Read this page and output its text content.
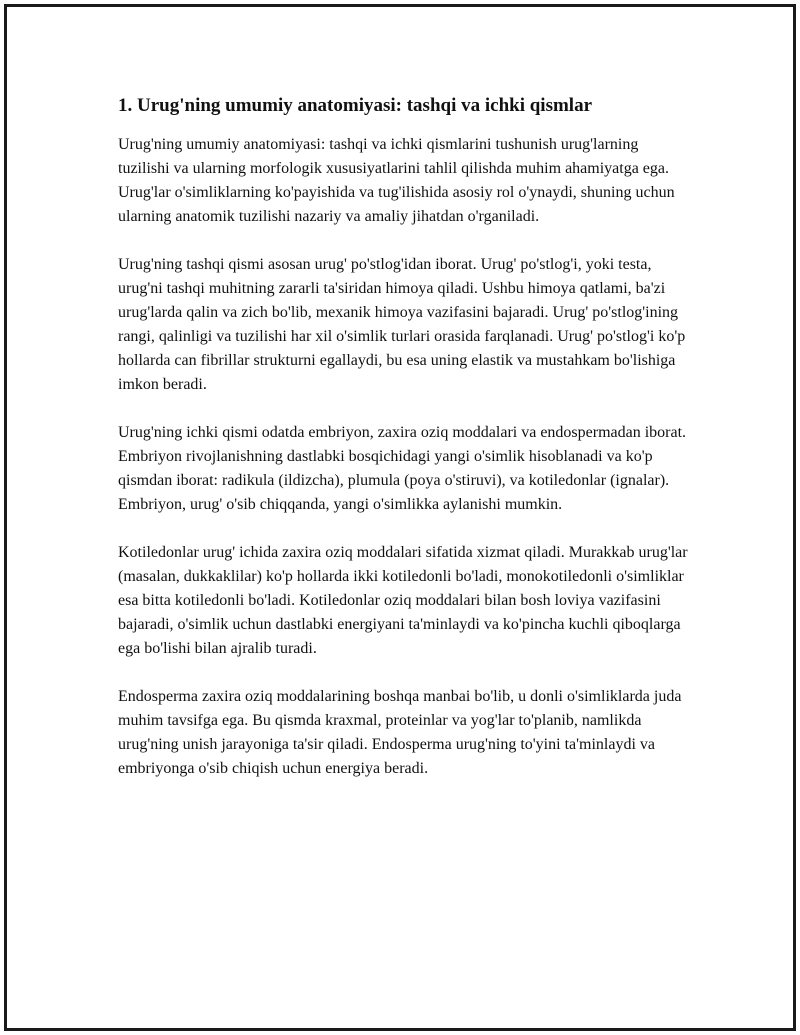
1. Urug'ning umumiy anatomiyasi: tashqi va ichki qismlar

Urug'ning umumiy anatomiyasi: tashqi va ichki qismlarini tushunish urug'larning tuzilishi va ularning morfologik xususiyatlarini tahlil qilishda muhim ahamiyatga ega. Urug'lar o'simliklarning ko'payishida va tug'ilishida asosiy rol o'ynaydi, shuning uchun ularning anatomik tuzilishi nazariy va amaliy jihatdan o'rganiladi.

Urug'ning tashqi qismi asosan urug' po'stlog'idan iborat. Urug' po'stlog'i, yoki testa, urug'ni tashqi muhitning zararli ta'siridan himoya qiladi. Ushbu himoya qatlami, ba'zi urug'larda qalin va zich bo'lib, mexanik himoya vazifasini bajaradi. Urug' po'stlog'ining rangi, qalinligi va tuzilishi har xil o'simlik turlari orasida farqlanadi. Urug' po'stlog'i ko'p hollarda can fibrillar strukturni egallaydi, bu esa uning elastik va mustahkam bo'lishiga imkon beradi.

Urug'ning ichki qismi odatda embriyon, zaxira oziq moddalari va endospermadan iborat. Embriyon rivojlanishning dastlabki bosqichidagi yangi o'simlik hisoblanadi va ko'p qismdan iborat: radikula (ildizcha), plumula (poya o'stiruvi), va kotiledonlar (ignalar). Embriyon, urug' o'sib chiqqanda, yangi o'simlikka aylanishi mumkin.

Kotiledonlar urug' ichida zaxira oziq moddalari sifatida xizmat qiladi. Murakkab urug'lar (masalan, dukkaklilar) ko'p hollarda ikki kotiledonli bo'ladi, monokotiledonli o'simliklar esa bitta kotiledonli bo'ladi. Kotiledonlar oziq moddalari bilan bosh loviya vazifasini bajaradi, o'simlik uchun dastlabki energiyani ta'minlaydi va ko'pincha kuchli qiboqlarga ega bo'lishi bilan ajralib turadi.

Endosperma zaxira oziq moddalarining boshqa manbai bo'lib, u donli o'simliklarda juda muhim tavsifga ega. Bu qismda kraxmal, proteinlar va yog'lar to'planib, namlikda urug'ning unish jarayoniga ta'sir qiladi. Endosperma urug'ning to'yini ta'minlaydi va embriyonga o'sib chiqish uchun energiya beradi.
